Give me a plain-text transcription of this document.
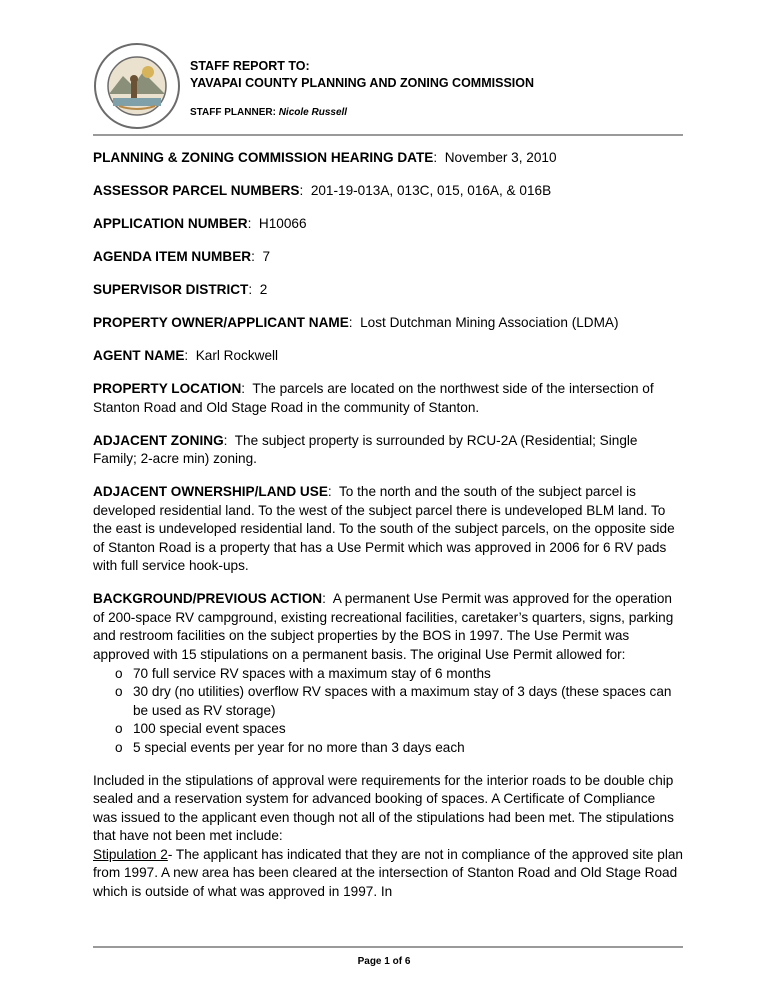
STAFF REPORT TO:
YAVAPAI COUNTY PLANNING AND ZONING COMMISSION
STAFF PLANNER: Nicole Russell

PLANNING & ZONING COMMISSION HEARING DATE:  November 3, 2010

ASSESSOR PARCEL NUMBERS:  201-19-013A, 013C, 015, 016A, & 016B

APPLICATION NUMBER:  H10066

AGENDA ITEM NUMBER:  7

SUPERVISOR DISTRICT:  2

PROPERTY OWNER/APPLICANT NAME:  Lost Dutchman Mining Association (LDMA)

AGENT NAME:  Karl Rockwell

PROPERTY LOCATION:  The parcels are located on the northwest side of the intersection of Stanton Road and Old Stage Road in the community of Stanton.

ADJACENT ZONING:  The subject property is surrounded by RCU-2A (Residential; Single Family; 2-acre min) zoning.

ADJACENT OWNERSHIP/LAND USE:  To the north and the south of the subject parcel is developed residential land. To the west of the subject parcel there is undeveloped BLM land. To the east is undeveloped residential land. To the south of the subject parcels, on the opposite side of Stanton Road is a property that has a Use Permit which was approved in 2006 for 6 RV pads with full service hook-ups.

BACKGROUND/PREVIOUS ACTION:  A permanent Use Permit was approved for the operation of 200-space RV campground, existing recreational facilities, caretaker’s quarters, signs, parking and restroom facilities on the subject properties by the BOS in 1997. The Use Permit was approved with 15 stipulations on a permanent basis. The original Use Permit allowed for:

o 70 full service RV spaces with a maximum stay of 6 months
o 30 dry (no utilities) overflow RV spaces with a maximum stay of 3 days (these spaces can be used as RV storage)
o 100 special event spaces
o 5 special events per year for no more than 3 days each

Included in the stipulations of approval were requirements for the interior roads to be double chip sealed and a reservation system for advanced booking of spaces. A Certificate of Compliance was issued to the applicant even though not all of the stipulations had been met. The stipulations that have not been met include:
Stipulation 2- The applicant has indicated that they are not in compliance of the approved site plan from 1997. A new area has been cleared at the intersection of Stanton Road and Old Stage Road which is outside of what was approved in 1997. In

Page 1 of 6
